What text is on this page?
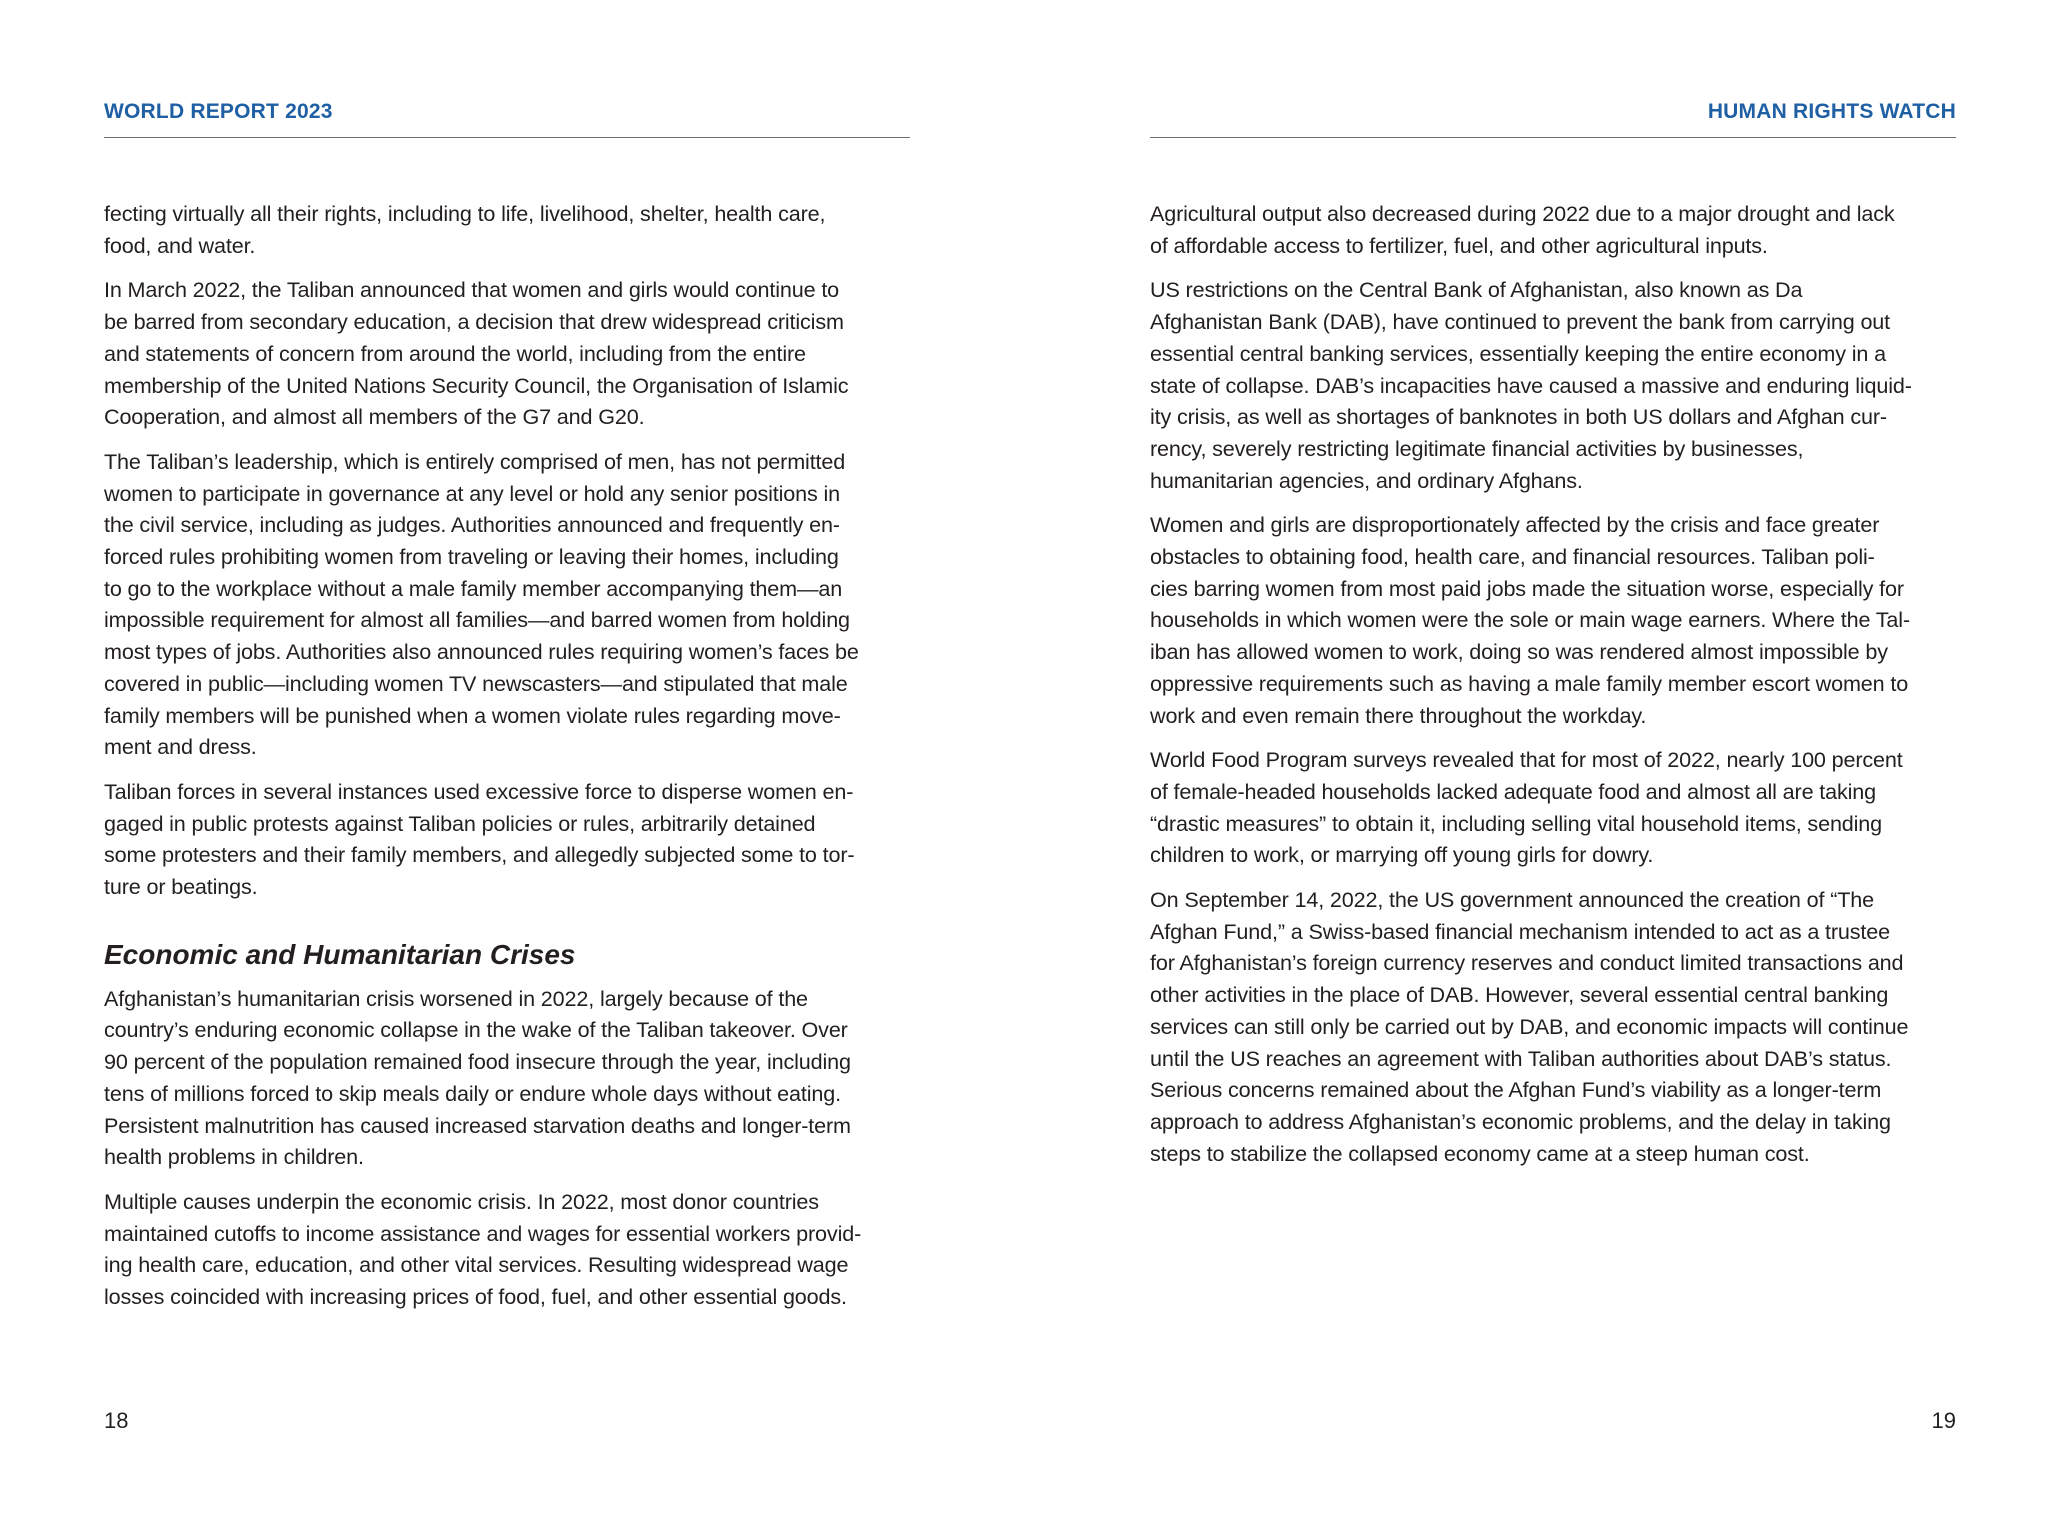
WORLD REPORT 2023

fecting virtually all their rights, including to life, livelihood, shelter, health care,
food, and water.

In March 2022, the Taliban announced that women and girls would continue to
be barred from secondary education, a decision that drew widespread criticism
and statements of concern from around the world, including from the entire
membership of the United Nations Security Council, the Organisation of Islamic
Cooperation, and almost all members of the G7 and G20.

The Taliban’s leadership, which is entirely comprised of men, has not permitted
women to participate in governance at any level or hold any senior positions in
the civil service, including as judges. Authorities announced and frequently en-
forced rules prohibiting women from traveling or leaving their homes, including
to go to the workplace without a male family member accompanying them—an
impossible requirement for almost all families—and barred women from holding
most types of jobs. Authorities also announced rules requiring women’s faces be
covered in public—including women TV newscasters—and stipulated that male
family members will be punished when a women violate rules regarding move-
ment and dress.

Taliban forces in several instances used excessive force to disperse women en-
gaged in public protests against Taliban policies or rules, arbitrarily detained
some protesters and their family members, and allegedly subjected some to tor-
ture or beatings.

Economic and Humanitarian Crises

Afghanistan’s humanitarian crisis worsened in 2022, largely because of the
country’s enduring economic collapse in the wake of the Taliban takeover. Over
90 percent of the population remained food insecure through the year, including
tens of millions forced to skip meals daily or endure whole days without eating.
Persistent malnutrition has caused increased starvation deaths and longer-term
health problems in children.

Multiple causes underpin the economic crisis. In 2022, most donor countries
maintained cutoffs to income assistance and wages for essential workers provid-
ing health care, education, and other vital services. Resulting widespread wage
losses coincided with increasing prices of food, fuel, and other essential goods.

18
HUMAN RIGHTS WATCH

Agricultural output also decreased during 2022 due to a major drought and lack
of affordable access to fertilizer, fuel, and other agricultural inputs.

US restrictions on the Central Bank of Afghanistan, also known as Da
Afghanistan Bank (DAB), have continued to prevent the bank from carrying out
essential central banking services, essentially keeping the entire economy in a
state of collapse. DAB’s incapacities have caused a massive and enduring liquid-
ity crisis, as well as shortages of banknotes in both US dollars and Afghan cur-
rency, severely restricting legitimate financial activities by businesses,
humanitarian agencies, and ordinary Afghans.

Women and girls are disproportionately affected by the crisis and face greater
obstacles to obtaining food, health care, and financial resources. Taliban poli-
cies barring women from most paid jobs made the situation worse, especially for
households in which women were the sole or main wage earners. Where the Tal-
iban has allowed women to work, doing so was rendered almost impossible by
oppressive requirements such as having a male family member escort women to
work and even remain there throughout the workday.

World Food Program surveys revealed that for most of 2022, nearly 100 percent
of female-headed households lacked adequate food and almost all are taking
“drastic measures” to obtain it, including selling vital household items, sending
children to work, or marrying off young girls for dowry.

On September 14, 2022, the US government announced the creation of “The
Afghan Fund,” a Swiss-based financial mechanism intended to act as a trustee
for Afghanistan’s foreign currency reserves and conduct limited transactions and
other activities in the place of DAB. However, several essential central banking
services can still only be carried out by DAB, and economic impacts will continue
until the US reaches an agreement with Taliban authorities about DAB’s status.
Serious concerns remained about the Afghan Fund’s viability as a longer-term
approach to address Afghanistan’s economic problems, and the delay in taking
steps to stabilize the collapsed economy came at a steep human cost.

19
